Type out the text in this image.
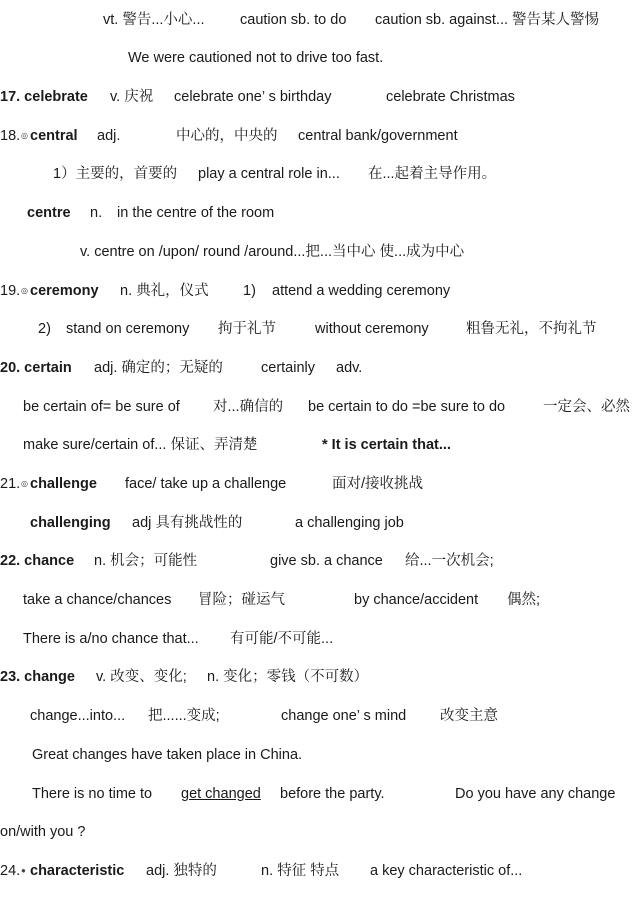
vt. 警告...小心... caution sb. to do caution sb. against... 警告某人警惕
We were cautioned not to drive too fast.
17. celebrate v. 庆祝 celebrate one’ s birthday	celebrate Christmas
18. ◎ central adj.	中心的，中央的 central bank/government
1）主要的，首要的 play a central role in... 在...起着主导作用。
centre n. in the centre of the room
v. centre on /upon/ round /around...把...当中心 使...成为中心
19. ◎ ceremony n. 典礼，仪式 1) attend a wedding ceremony
2) stand on ceremony 拘于礼节	without ceremony	粗鲁无礼，不拘礼节
20. certain adj. 确定的；无疑的	certainly adv.
be certain of= be sure of 对...确信的 be certain to do =be sure to do	一定会、必然
make sure/certain of... 保证、弄清楚	* It is certain that...
21. ◎ challenge face/ take up a challenge	面对/接收挑战
challenging adj 具有挑战性的	a challenging job
22. chance n. 机会；可能性	give sb. a chance 给...一次机会;
take a chance/chances 冒险；碰运气	by chance/accident 偶然;
There is a/no chance that... 有可能/不可能...
23. change v. 改变、变化; n. 变化；零钱（不可数）
change...into... 把......变成;	change one’ s mind 改变主意
Great changes have taken place in China.
There is no time to get changed before the party.	Do you have any change
on/with you ?
24. ● characteristic adj. 独特的	n. 特征 特点 a key characteristic of...
